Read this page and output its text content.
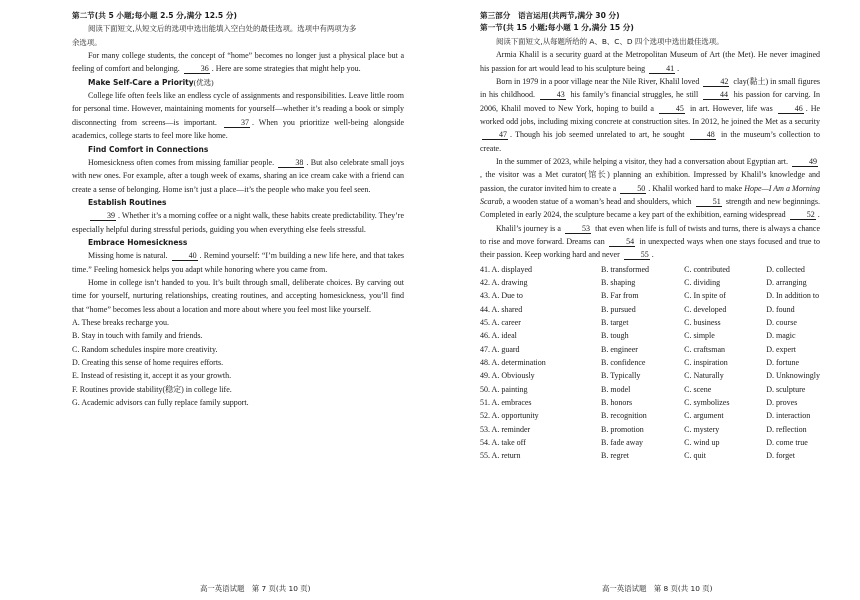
第二节(共 5 小题;每小题 2.5 分,满分 12.5 分)
阅读下面短文,从短文后的选项中选出能填入空白处的最佳选项。选项中有两项为多
余选项。
For many college students, the concept of “home” becomes no longer just a physical place but a feeling of comfort and belonging.	36 . Here are some strategies that might help you.
Make Self-Care a Priority(优选)
College life often feels like an endless cycle of assignments and responsibilities. Leave little room for personal time. However, maintaining moments for yourself—whether it’s reading a book or simply disconnecting from screens—is important.	37 . When you prioritize well-being alongside academics, college starts to feel more like home.
Find Comfort in Connections
Homesickness often comes from missing familiar people.	38 . But also celebrate small joys with new ones. For example, after a tough week of exams, sharing an ice cream cake with a friend can create a sense of belonging. Home isn’t just a place—it’s the people who make you feel seen.
Establish Routines
39 . Whether it’s a morning coffee or a night walk, these habits create predictability. They’re especially helpful during stressful periods, guiding you when everything else feels stressful.
Embrace Homesickness
Missing home is natural.	40 . Remind yourself: “I’m building a new life here, and that takes time.” Feeling homesick helps you adapt while honoring where you came from.
Home in college isn’t handed to you. It’s built through small, deliberate choices. By carving out time for yourself, nurturing relationships, creating routines, and accepting homesickness, you’ll find that “home” becomes less about a location and more about where you feel most like yourself.
A. These breaks recharge you.
B. Stay in touch with family and friends.
C. Random schedules inspire more creativity.
D. Creating this sense of home requires efforts.
E. Instead of resisting it, accept it as your growth.
F. Routines provide stability(稳定) in college life.
G. Academic advisors can fully replace family support.
高一英语试题　第 7 页(共 10 页)
第三部分　语言运用(共两节,满分 30 分)
第一节(共 15 小题;每小题 1 分,满分 15 分)
阅读下面短文,从每题所给的 A、B、C、D 四个选项中选出最佳选项。
Armia Khalil is a security guard at the Metropolitan Museum of Art (the Met). He never imagined his passion for art would lead to his sculpture being	41 .
Born in 1979 in a poor village near the Nile River, Khalil loved	42 clay(黏土) in small figures in his childhood.	43 his family’s financial struggles, he still	44 his passion for carving. In 2006, Khalil moved to New York, hoping to build a	45 in art. However, life was	46 . He worked odd jobs, including mixing concrete at construction sites. In 2012, he joined the Met as a security 47 . Though his job seemed unrelated to art, he sought	48 in the museum’s collection to create.
In the summer of 2023, while helping a visitor, they had a conversation about Egyptian art.	49, the visitor was a Met curator(馆长) planning an exhibition. Impressed by Khalil’s knowledge and passion, the curator invited him to create a	50 . Khalil worked hard to make Hope—I Am a Morning Scarab, a wooden statue of a woman’s head and shoulders, which	51 strength and new beginnings. Completed in early 2024, the sculpture became a key part of the exhibition, earning widespread	52 .
Khalil’s journey is a	53 that even when life is full of twists and turns, there is always a chance to rise and move forward. Dreams can	54 in unexpected ways when one stays focused and true to their passion. Keep working hard and never	55 .
41. A. displayed	B. transformed	C. contributed	D. collected
42. A. drawing	B. shaping	C. dividing	D. arranging
43. A. Due to	B. Far from	C. In spite of	D. In addition to
44. A. shared	B. pursued	C. developed	D. found
45. A. career	B. target	C. business	D. course
46. A. ideal	B. tough	C. simple	D. magic
47. A. guard	B. engineer	C. craftsman	D. expert
48. A. determination	B. confidence	C. inspiration	D. fortune
49. A. Obviously	B. Typically	C. Naturally	D. Unknowingly
50. A. painting	B. model	C. scene	D. sculpture
51. A. embraces	B. honors	C. symbolizes	D. proves
52. A. opportunity	B. recognition	C. argument	D. interaction
53. A. reminder	B. promotion	C. mystery	D. reflection
54. A. take off	B. fade away	C. wind up	D. come true
55. A. return	B. regret	C. quit	D. forget
高一英语试题　第 8 页(共 10 页)
